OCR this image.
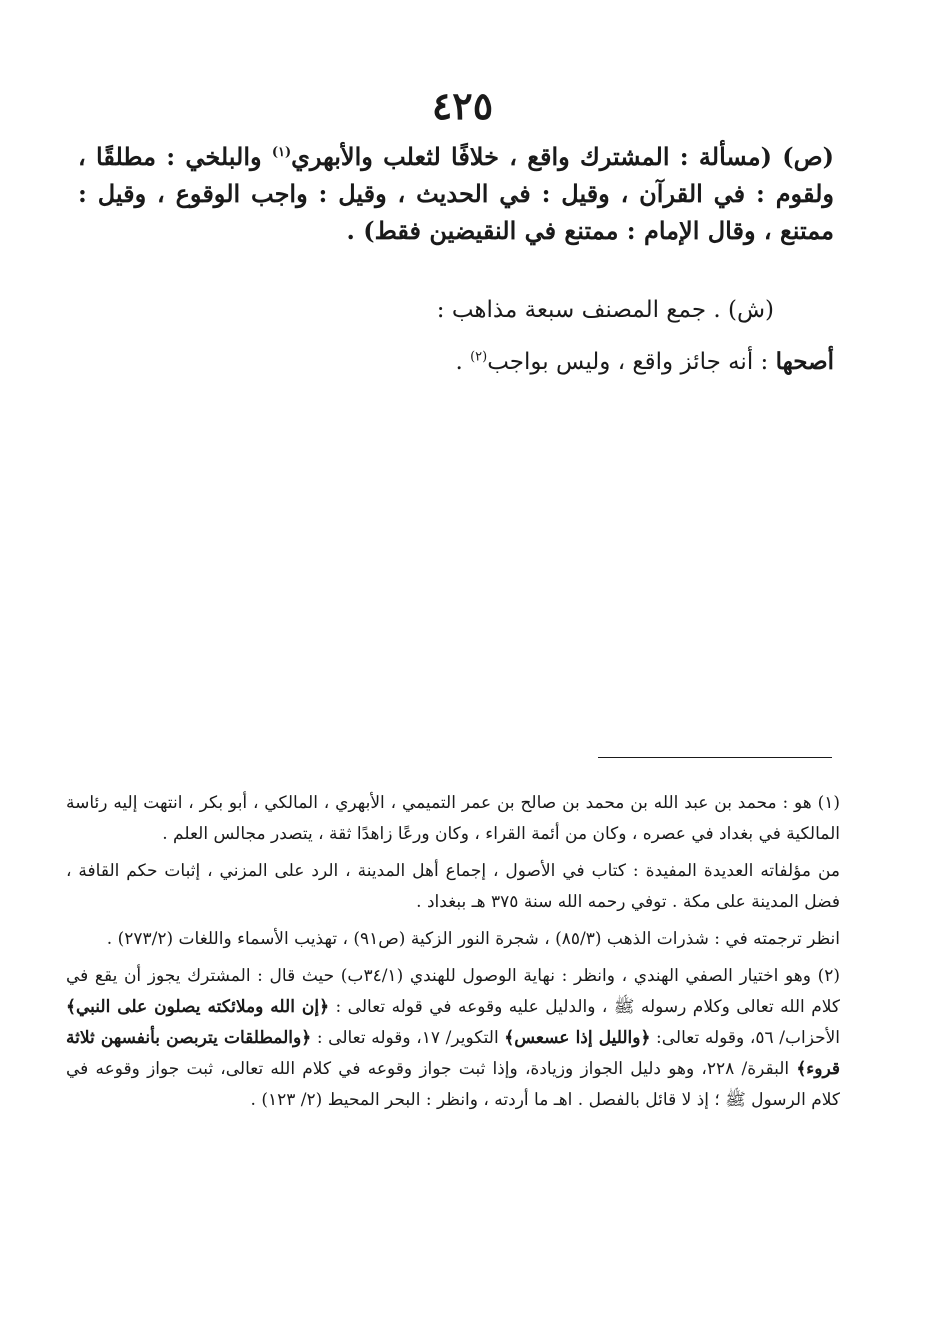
٤٢٥

(ص) (مسألة : المشترك واقع ، خلافًا لثعلب والأبهري$^{(١)}$ والبلخي : مطلقًا ، ولقوم : في القرآن ، وقيل : في الحديث ، وقيل : واجب الوقوع ، وقيل : ممتنع ، وقال الإمام : ممتنع في النقيضين فقط) .

(ش) . جمع المصنف سبعة مذاهب :

أصحها : أنه جائز واقع ، وليس بواجب$^{(٢)}$ .

(١) هو : محمد بن عبد الله بن محمد بن صالح بن عمر التميمي ، الأبهري ، المالكي ، أبو بكر ، انتهت إليه رئاسة المالكية في بغداد في عصره ، وكان من أئمة القراء ، وكان ورعًا زاهدًا ثقة ، يتصدر مجالس العلم .

من مؤلفاته العديدة المفيدة : كتاب في الأصول ، إجماع أهل المدينة ، الرد على المزني ، إثبات حكم القافة ، فضل المدينة على مكة . توفي رحمه الله سنة ٣٧٥ هـ ببغداد .

انظر ترجمته في : شذرات الذهب (٨٥/٣) ، شجرة النور الزكية (ص٩١) ، تهذيب الأسماء واللغات (٢٧٣/٢) .

(٢) وهو اختيار الصفي الهندي ، وانظر : نهاية الوصول للهندي (٣٤/١ب) حيث قال : المشترك يجوز أن يقع في كلام الله تعالى وكلام رسوله ﷺ ، والدليل عليه وقوعه في قوله تعالى : ﴿إن الله وملائكته يصلون على النبي﴾ الأحزاب/ ٥٦، وقوله تعالى: ﴿والليل إذا عسعس﴾ التكوير/ ١٧، وقوله تعالى : ﴿والمطلقات يتربصن بأنفسهن ثلاثة قروء﴾ البقرة/ ٢٢٨، وهو دليل الجواز وزيادة، وإذا ثبت جواز وقوعه في كلام الله تعالى، ثبت جواز وقوعه في كلام الرسول ﷺ ؛ إذ لا قائل بالفصل . اهـ ما أردته ، وانظر : البحر المحيط (٢/ ١٢٣) .
